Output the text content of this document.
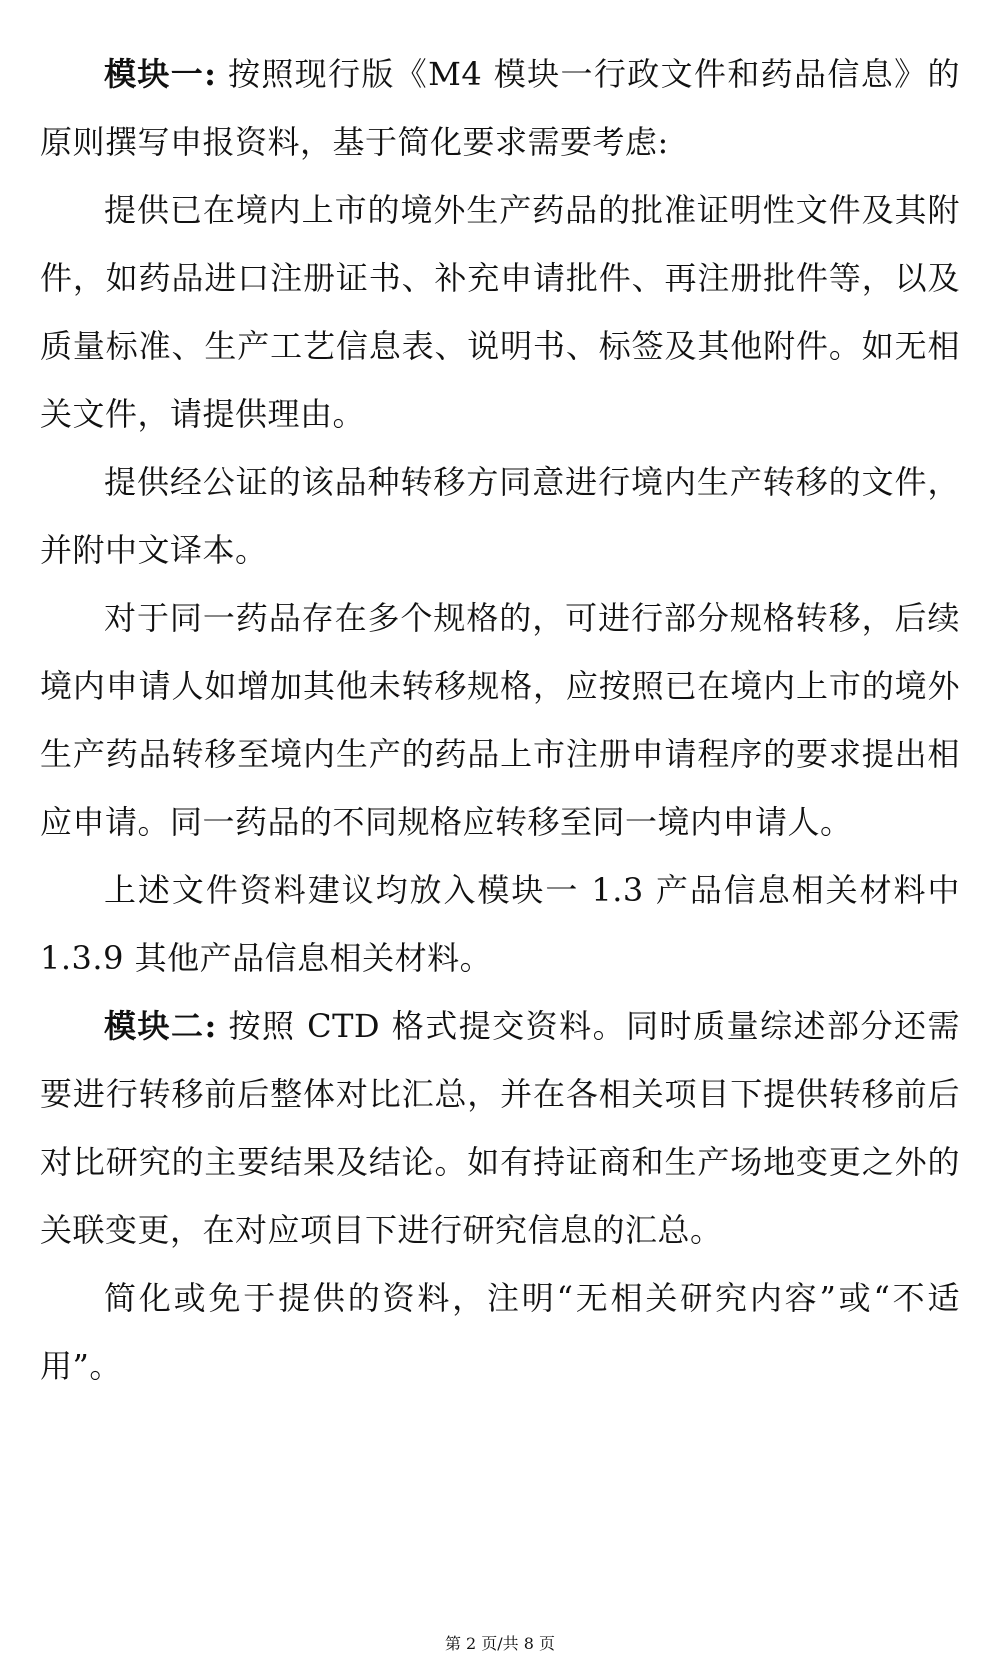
模块一: 按照现行版《M4 模块一行政文件和药品信息》的原则撰写申报资料，基于简化要求需要考虑:

提供已在境内上市的境外生产药品的批准证明性文件及其附件，如药品进口注册证书、补充申请批件、再注册批件等，以及质量标准、生产工艺信息表、说明书、标签及其他附件。如无相关文件，请提供理由。

提供经公证的该品种转移方同意进行境内生产转移的文件，并附中文译本。

对于同一药品存在多个规格的，可进行部分规格转移，后续境内申请人如增加其他未转移规格，应按照已在境内上市的境外生产药品转移至境内生产的药品上市注册申请程序的要求提出相应申请。同一药品的不同规格应转移至同一境内申请人。

上述文件资料建议均放入模块一 1.3 产品信息相关材料中 1.3.9 其他产品信息相关材料。

模块二: 按照 CTD 格式提交资料。同时质量综述部分还需要进行转移前后整体对比汇总，并在各相关项目下提供转移前后对比研究的主要结果及结论。如有持证商和生产场地变更之外的关联变更，在对应项目下进行研究信息的汇总。

简化或免于提供的资料，注明“无相关研究内容”或“不适用”。

第 2 页/共 8 页
